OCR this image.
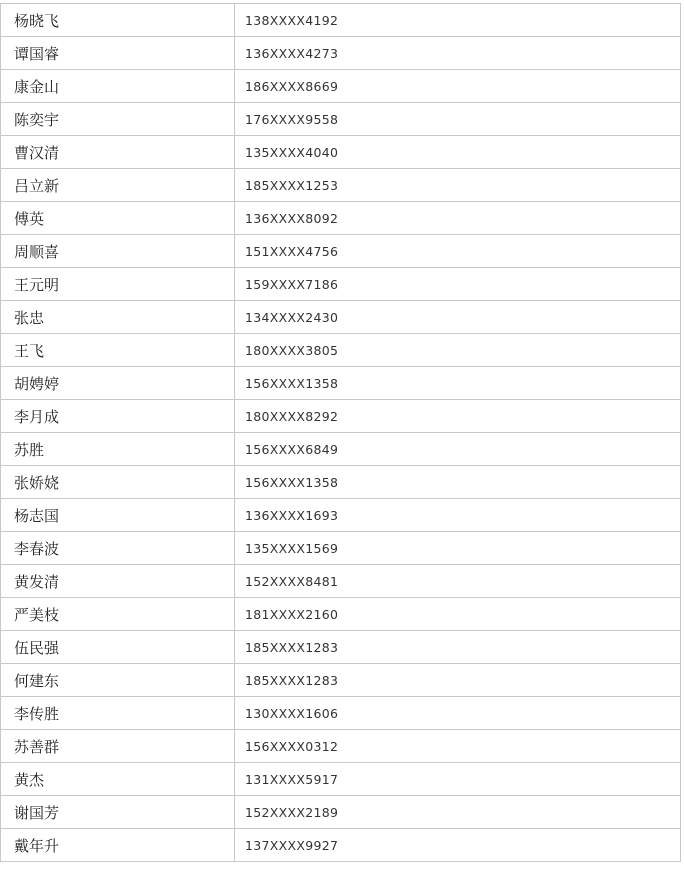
杨晓飞	138XXXX4192
谭国睿	136XXXX4273
康金山	186XXXX8669
陈奕宇	176XXXX9558
曹汉清	135XXXX4040
吕立新	185XXXX1253
傅英	136XXXX8092
周顺喜	151XXXX4756
王元明	159XXXX7186
张忠	134XXXX2430
王飞	180XXXX3805
胡娉婷	156XXXX1358
李月成	180XXXX8292
苏胜	156XXXX6849
张娇娆	156XXXX1358
杨志国	136XXXX1693
李春波	135XXXX1569
黄发清	152XXXX8481
严美枝	181XXXX2160
伍民强	185XXXX1283
何建东	185XXXX1283
李传胜	130XXXX1606
苏善群	156XXXX0312
黄杰	131XXXX5917
谢国芳	152XXXX2189
戴年升	137XXXX9927
